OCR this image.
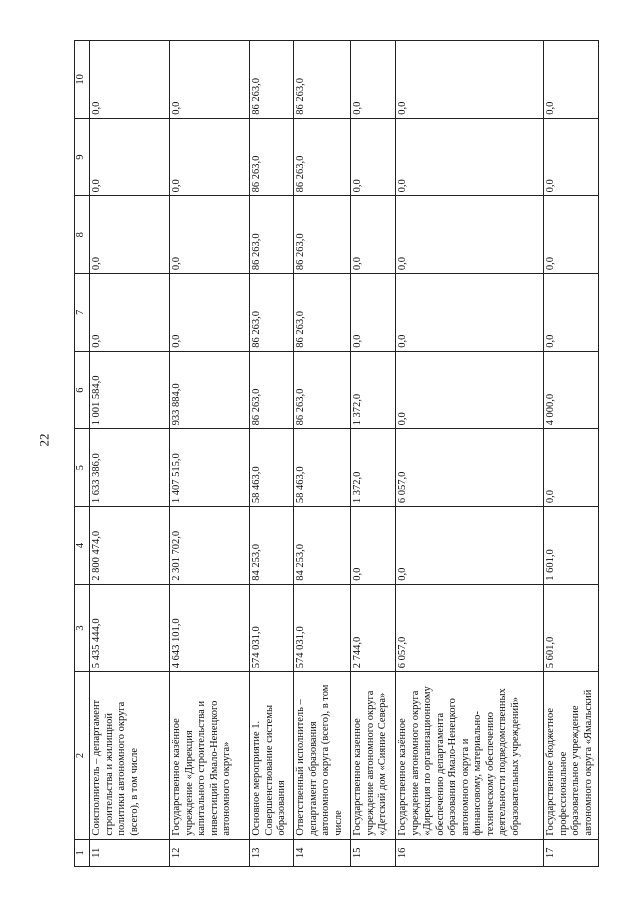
22
1	2	3	4	5	6	7	8	9	10
11	Соисполнитель – департамент строительства и жилищной политики автономного округа (всего), в том числе	5 435 444,0	2 800 474,0	1 633 386,0	1 001 584,0	0,0	0,0	0,0	0,0
12	Государственное казённое учреждение «Дирекция капитального строительства и инвестиций Ямало-Ненецкого автономного округа»	4 643 101,0	2 301 702,0	1 407 515,0	933 884,0	0,0	0,0	0,0	0,0
13	Основное мероприятие 1. Совершенствование системы образования	574 031,0	84 253,0	58 463,0	86 263,0	86 263,0	86 263,0	86 263,0	86 263,0
14	Ответственный исполнитель – департамент образования автономного округа (всего), в том числе	574 031,0	84 253,0	58 463,0	86 263,0	86 263,0	86 263,0	86 263,0	86 263,0
15	Государственное казенное учреждение автономного округа «Детский дом «Сияние Севера»	2 744,0	0,0	1 372,0	1 372,0	0,0	0,0	0,0	0,0
16	Государственное казённое учреждение автономного округа «Дирекция по организационному обеспечению департамента образования Ямало-Ненецкого автономного округа и финансовому, материально-техническому обеспечению деятельности подведомственных образовательных учреждений»	6 057,0	0,0	6 057,0	0,0	0,0	0,0	0,0	0,0
17	Государственное бюджетное профессиональное образовательное учреждение автономного округа «Ямальский	5 601,0	1 601,0	0,0	4 000,0	0,0	0,0	0,0	0,0
